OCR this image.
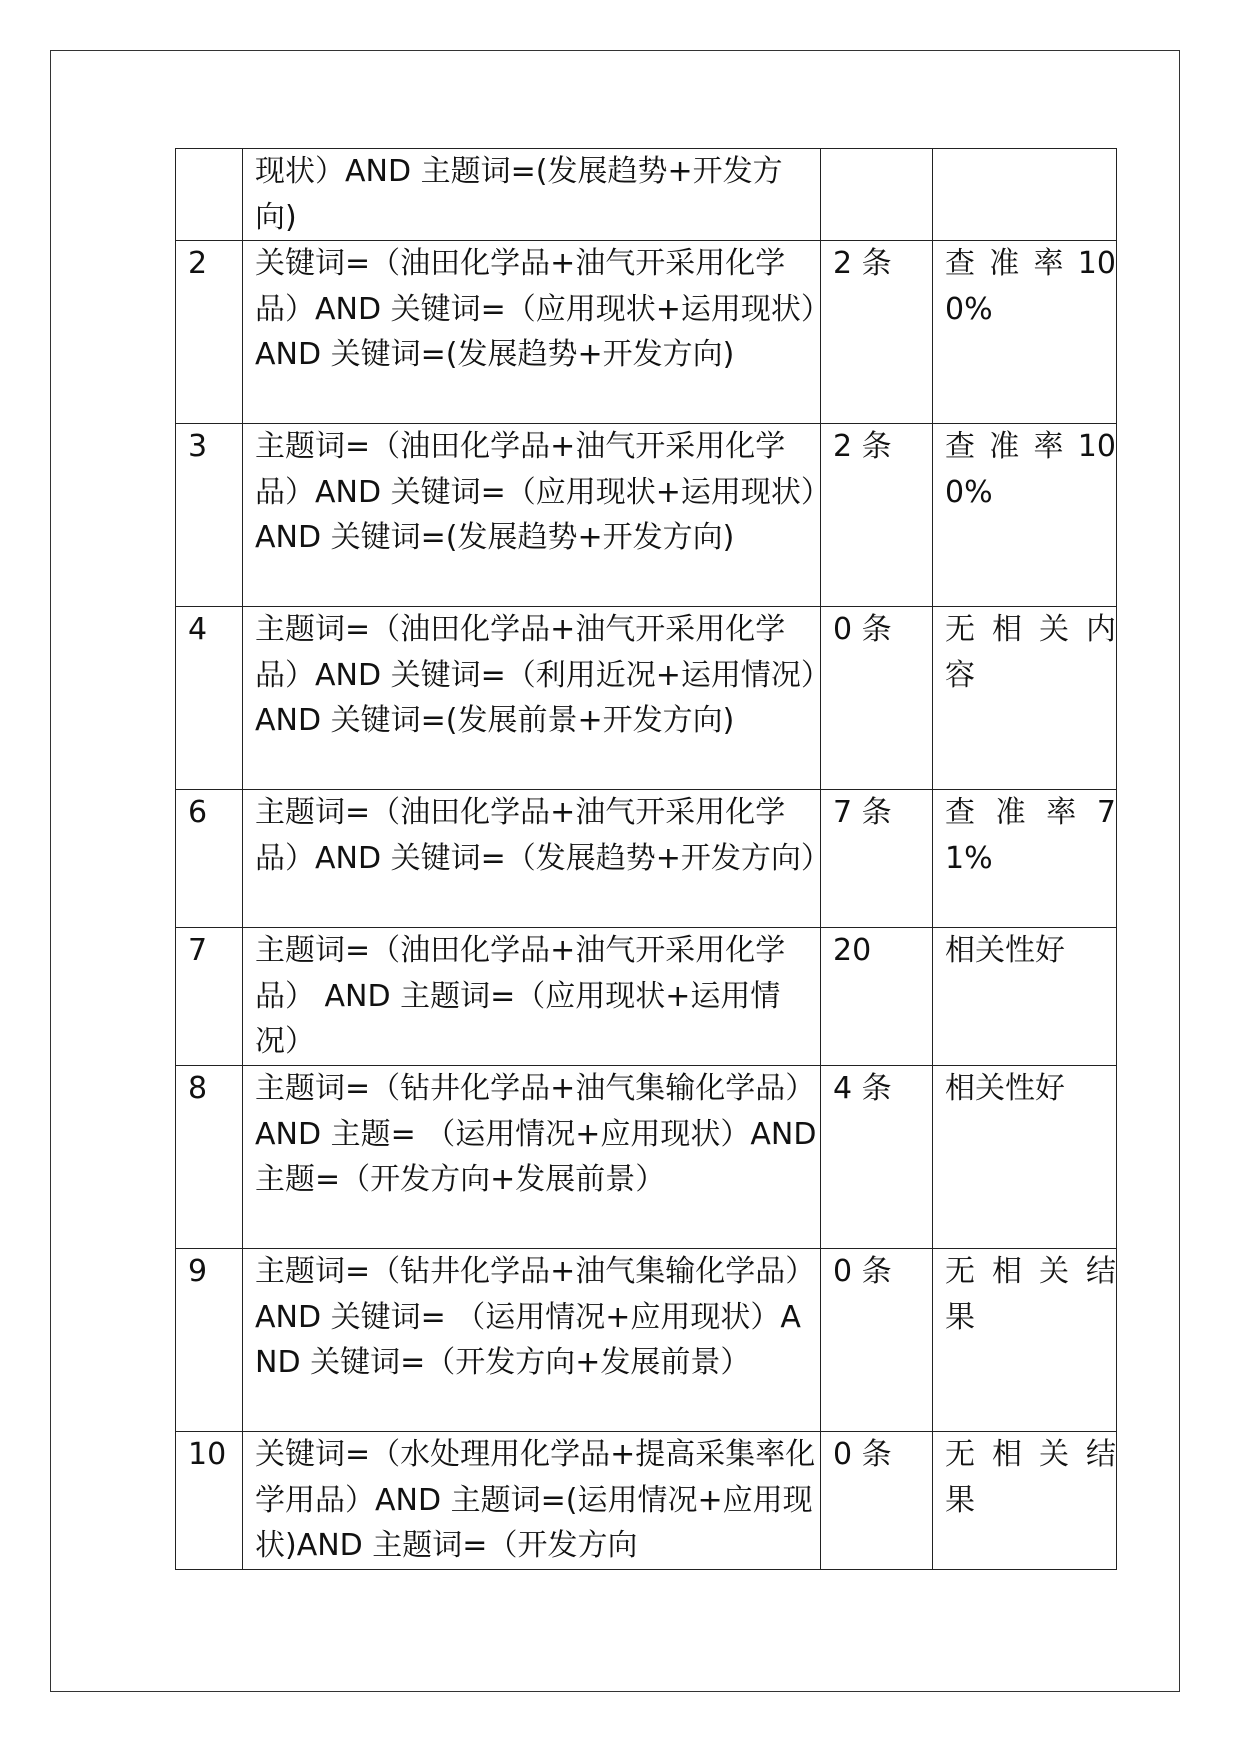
	现状）AND 主题词=(发展趋势+开发方向)		
2	关键词=（油田化学品+油气开采用化学品）AND 关键词=（应用现状+运用现状）AND 关键词=(发展趋势+开发方向)	2 条	查 准 率 100%
3	主题词=（油田化学品+油气开采用化学品）AND 关键词=（应用现状+运用现状）AND 关键词=(发展趋势+开发方向)	2 条	查 准 率 100%
4	主题词=（油田化学品+油气开采用化学品）AND 关键词=（利用近况+运用情况）AND 关键词=(发展前景+开发方向)	0 条	无 相 关 内 容
6	主题词=（油田化学品+油气开采用化学品）AND 关键词=（发展趋势+开发方向）	7 条	查 准 率 71%
7	主题词=（油田化学品+油气开采用化学品） AND 主题词=（应用现状+运用情况）	20	相关性好
8	主题词=（钻井化学品+油气集输化学品）AND 主题= （运用情况+应用现状）AND 主题=（开发方向+发展前景）	4 条	相关性好
9	主题词=（钻井化学品+油气集输化学品）AND 关键词= （运用情况+应用现状）AND 关键词=（开发方向+发展前景）	0 条	无 相 关 结 果
10	关键词=（水处理用化学品+提高采集率化学用品）AND 主题词=(运用情况+应用现状)AND 主题词=（开发方向	0 条	无 相 关 结 果
